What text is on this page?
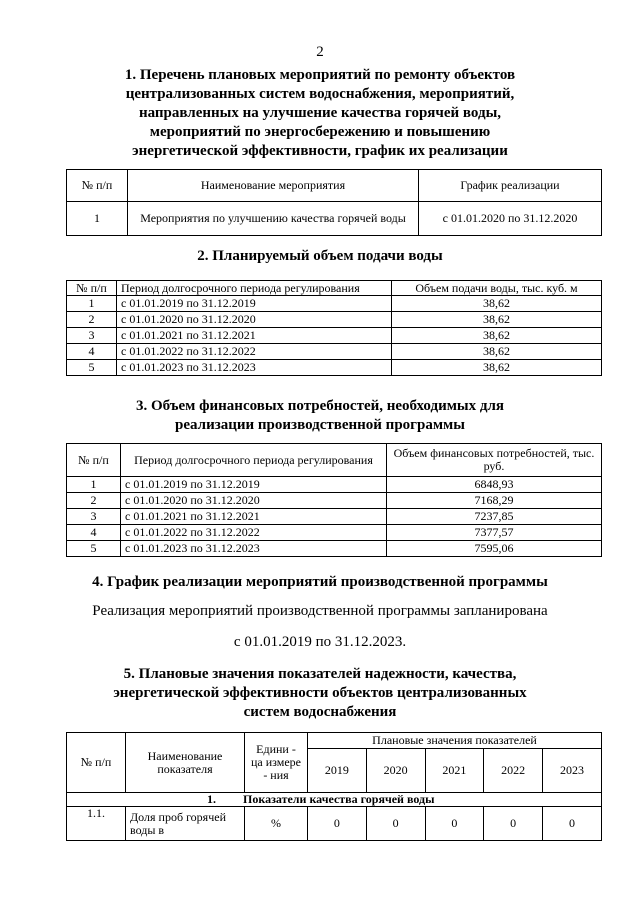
2
1. Перечень плановых мероприятий по ремонту объектов
централизованных систем водоснабжения, мероприятий,
направленных на улучшение качества горячей воды,
мероприятий по энергосбережению и повышению
энергетической эффективности, график их реализации
№ п/п	Наименование мероприятия	График реализации
1	Мероприятия по улучшению качества горячей воды	с 01.01.2020 по 31.12.2020
2. Планируемый объем подачи воды
№ п/п	Период долгосрочного периода регулирования	Объем подачи воды, тыс. куб. м
1	с 01.01.2019 по 31.12.2019	38,62
2	с 01.01.2020 по 31.12.2020	38,62
3	с 01.01.2021 по 31.12.2021	38,62
4	с 01.01.2022 по 31.12.2022	38,62
5	с 01.01.2023 по 31.12.2023	38,62
3. Объем финансовых потребностей, необходимых для
реализации производственной программы
№ п/п	Период долгосрочного периода регулирования	Объем финансовых потребностей, тыс. руб.
1	с 01.01.2019 по 31.12.2019	6848,93
2	с 01.01.2020 по 31.12.2020	7168,29
3	с 01.01.2021 по 31.12.2021	7237,85
4	с 01.01.2022 по 31.12.2022	7377,57
5	с 01.01.2023 по 31.12.2023	7595,06
4. График реализации мероприятий производственной программы
Реализация мероприятий производственной программы запланирована
с 01.01.2019 по 31.12.2023.
5. Плановые значения показателей надежности, качества,
энергетической эффективности объектов централизованных
систем водоснабжения
№ п/п	Наименование показателя	Едини - ца измере - ния	Плановые значения показателей				
			2019	2020	2021	2022	2023
1. Показатели качества горячей воды							
1.1.	Доля проб горячей воды в	%	0	0	0	0	0
